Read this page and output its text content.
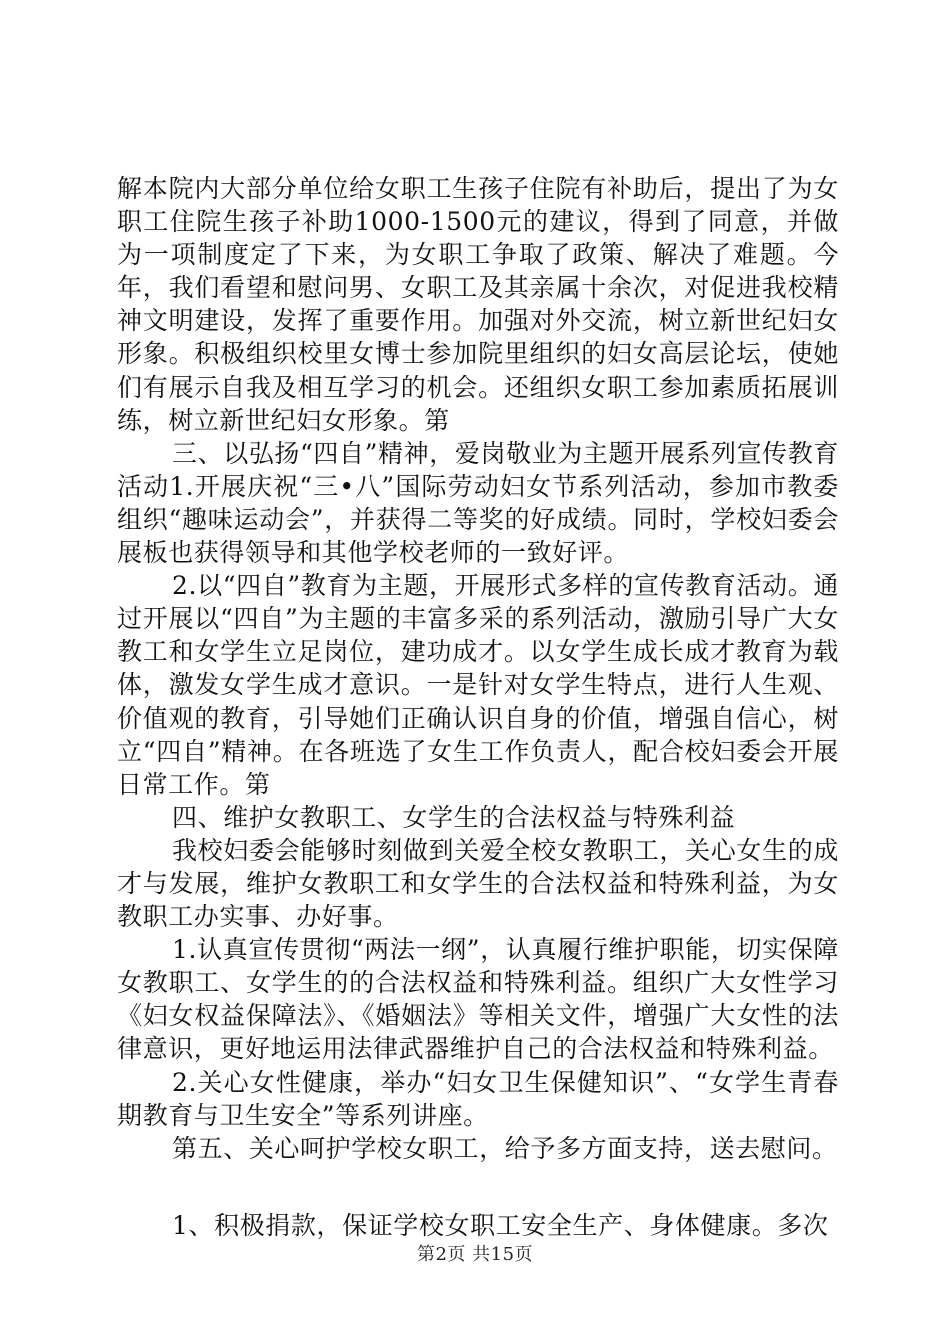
解本院内大部分单位给女职工生孩子住院有补助后，提出了为女职工住院生孩子补助1000-1500元的建议，得到了同意，并做为一项制度定了下来，为女职工争取了政策、解决了难题。今年，我们看望和慰问男、女职工及其亲属十余次，对促进我校精神文明建设，发挥了重要作用。加强对外交流，树立新世纪妇女形象。积极组织校里女博士参加院里组织的妇女高层论坛，使她们有展示自我及相互学习的机会。还组织女职工参加素质拓展训练，树立新世纪妇女形象。第

三、以弘扬“四自”精神，爱岗敬业为主题开展系列宣传教育活动1.开展庆祝“三•八”国际劳动妇女节系列活动，参加市教委组织“趣味运动会”，并获得二等奖的好成绩。同时，学校妇委会展板也获得领导和其他学校老师的一致好评。

2.以“四自”教育为主题，开展形式多样的宣传教育活动。通过开展以“四自”为主题的丰富多采的系列活动，激励引导广大女教工和女学生立足岗位，建功成才。以女学生成长成才教育为载体，激发女学生成才意识。一是针对女学生特点，进行人生观、价值观的教育，引导她们正确认识自身的价值，增强自信心，树立“四自”精神。在各班选了女生工作负责人，配合校妇委会开展日常工作。第

四、维护女教职工、女学生的合法权益与特殊利益

我校妇委会能够时刻做到关爱全校女教职工，关心女生的成才与发展，维护女教职工和女学生的合法权益和特殊利益，为女教职工办实事、办好事。

1.认真宣传贯彻“两法一纲”，认真履行维护职能，切实保障女教职工、女学生的的合法权益和特殊利益。组织广大女性学习《妇女权益保障法》、《婚姻法》等相关文件，增强广大女性的法律意识，更好地运用法律武器维护自己的合法权益和特殊利益。

2.关心女性健康，举办“妇女卫生保健知识”、“女学生青春期教育与卫生安全”等系列讲座。

第五、关心呵护学校女职工，给予多方面支持，送去慰问。

1、积极捐款，保证学校女职工安全生产、身体健康。多次

第2页 共15页
